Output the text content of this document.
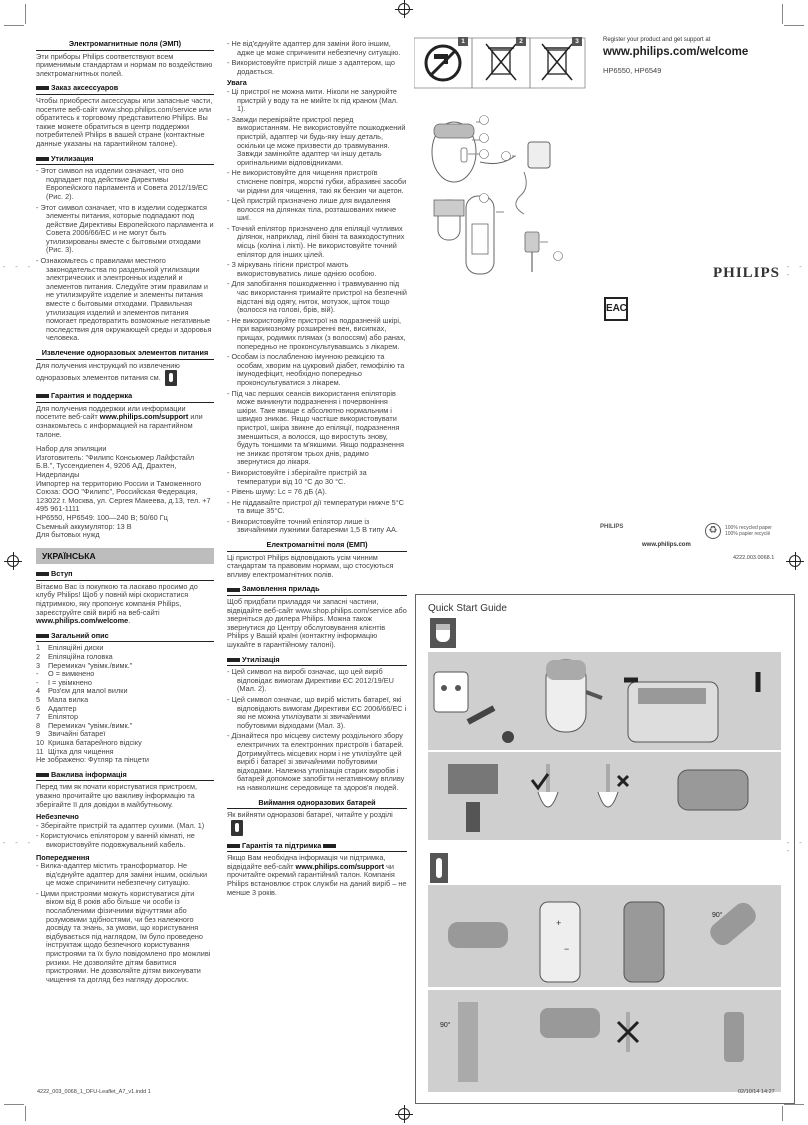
- - -	- - -
- - -	- - -
Электромагнитные поля (ЭМП)
Эти приборы Philips соответствуют всем применимым стандартам и нормам по воздействию электромагнитных полей.
Заказ аксессуаров
Чтобы приобрести аксессуары или запасные части, посетите веб-сайт www.shop.philips.com/service или обратитесь к торговому представителю Philips. Вы также можете обратиться в центр поддержки потребителей Philips в вашей стране (контактные данные указаны на гарантийном талоне).
Утилизация
- Этот символ на изделии означает, что оно подпадает под действие Директивы Европейского парламента и Совета 2012/19/EC (Рис. 2).
- Этот символ означает, что в изделии содержатся элементы питания, которые подпадают под действие Директивы Европейского парламента и Совета 2006/66/EC и не могут быть утилизированы вместе с бытовыми отходами (Рис. 3).
- Ознакомьтесь с правилами местного законодательства по раздельной утилизации электрических и электронных изделий и элементов питания. Следуйте этим правилам и не утилизируйте изделие и элементы питания вместе с бытовыми отходами. Правильная утилизация изделий и элементов питания помогает предотвратить возможные негативные последствия для окружающей среды и здоровья человека.
Извлечение одноразовых элементов питания
Для получения инструкций по извлечению одноразовых элементов питания см.
Гарантия и поддержка
Для получения поддержки или информации посетите веб-сайт www.philips.com/support или ознакомьтесь с информацией на гарантийном талоне.
Набор для эпиляции
Изготовитель: "Филипс Консьюмер Лайфстайл Б.В.", Туссендиепен 4, 9206 АД, Драхтен, Нидерланды
Импортер на территорию России и Таможенного Союза: ООО "Филипс", Российская Федерация, 123022 г. Москва, ул. Сергея Макеева, д.13, тел. +7 495 961-1111
HP6550, HP6549: 100—240 В; 50/60 Гц
Съемный аккумулятор: 13 В
Для бытовых нужд
УКРАЇНСЬКА
Вступ
Вітаємо Вас із покупкою та ласкаво просимо до клубу Philips! Щоб у повній мірі скористатися підтримкою, яку пропонує компанія Philips, зареєструйте свій виріб на веб-сайті www.philips.com/welcome.
Загальний опис
1	Епіляційні диски
2	Епіляційна головка
3	Перемикач "увімк./вимк."
-	O = вимкнено
-	I = увімкнено
4	Роз'єм для малої вилки
5	Мала вилка
6	Адаптер
7	Епілятор
8	Перемикач "увімк./вимк."
9	Звичайні батареї
10 Кришка батарейного відсіку
11 Щітка для чищення
Не зображено: Футляр та пінцети
Важлива інформація
Перед тим як почати користуватися пристроєм, уважно прочитайте цю важливу інформацію та зберігайте її для довідки в майбутньому.
Небезпечно
- Зберігайте пристрій та адаптер сухими. (Мал. 1)
- Користуючись епілятором у ванній кімнаті, не використовуйте подовжувальний кабель.
Попередження
- Вилка-адаптер містить трансформатор. Не від'єднуйте адаптер для заміни іншим, оскільки це може спричинити небезпечну ситуацію.
- Цими пристроями можуть користуватися діти віком від 8 років або більше чи особи із послабленими фізичними відчуттями або розумовими здібностями, чи без належного досвіду та знань, за умови, що користування відбувається під наглядом, їм було проведено інструктаж щодо безпечного користування пристроями та їх було повідомлено про можливі ризики. Не дозволяйте дітям бавитися пристроями. Не дозволяйте дітям виконувати чищення та догляд без нагляду дорослих.
- Не від'єднуйте адаптер для заміни його іншим, адже це може спричинити небезпечну ситуацію.
- Використовуйте пристрій лише з адаптером, що додається.
Увага
- Ці пристрої не можна мити. Ніколи не занурюйте пристрій у воду та не мийте їх під краном (Мал. 1).
- Завжди перевіряйте пристрої перед використанням. Не використовуйте пошкоджений пристрій, адаптер чи будь-яку іншу деталь, оскільки це може призвести до травмування. Завжди замінюйте адаптер чи іншу деталь оригінальними відповідниками.
- Не використовуйте для чищення пристроїв стиснене повітря, жорсткі губки, абразивні засоби чи рідини для чищення, такі як бензин чи ацетон.
- Цей пристрій призначено лише для видалення волосся на ділянках тіла, розташованих нижче шиї.
- Точний епілятор призначено для епіляції чутливих ділянок, наприклад, лінії бікіні та важкодоступних місць (коліна і лікті). Не використовуйте точний епілятор для інших цілей.
- З міркувань гігієни пристрої мають використовуватись лише однією особою.
- Для запобігання пошкодженню і травмуванню під час використання тримайте пристрої на безпечній відстані від одягу, ниток, мотузок, щіток тощо (волосся на голові, брів, вій).
- Не використовуйте пристрої на подразненій шкірі, при варикозному розширенні вен, висипках, прищах, родимих плямах (з волоссям) або ранах, попередньо не проконсультувавшись з лікарем.
- Особам із послабленою імунною реакцією та особам, хворим на цукровий діабет, гемофілію та імунодефіцит, необхідно попередньо проконсультуватися з лікарем.
- Під час перших сеансів використання епіляторів може виникнути подразнення і почервоніння шкіри. Таке явище є абсолютно нормальним і швидко зникає. Якщо частіше використовувати пристрої, шкіра звикне до епіляції, подразнення зменшиться, а волосся, що виростуть знову, будуть тоншими та м'якшими. Якщо подразнення не зникає протягом трьох днів, радимо звернутися до лікаря.
- Використовуйте і зберігайте пристрій за температури від 10 °C до 30 °C.
- Рівень шуму: Lc = 76 дБ (A).
- Не піддавайте пристрої дії температури нижче 5°C та вище 35°C.
- Використовуйте точний епілятор лише із звичайними лужними батареями 1,5 В типу AA.
Електромагнітні поля (ЕМП)
Ці пристрої Philips відповідають усім чинним стандартам та правовим нормам, що стосуються впливу електромагнітних полів.
Замовлення приладь
Щоб придбати приладдя чи запасні частини, відвідайте веб-сайт www.shop.philips.com/service або зверніться до дилера Philips. Можна також звернутися до Центру обслуговування клієнтів Philips у Вашій країні (контактну інформацію шукайте в гарантійному талоні).
Утилізація
- Цей символ на виробі означає, що цей виріб відповідає вимогам Директиви ЄС 2012/19/EU (Мал. 2).
- Цей символ означає, що виріб містить батареї, які відповідають вимогам Директиви ЄС 2006/66/ЕС і які не можна утилізувати зі звичайними побутовими відходами (Мал. 3).
- Дізнайтеся про місцеву систему роздільного збору електричних та електронних пристроїв і батарей. Дотримуйтесь місцевих норм і не утилізуйте цей виріб і батареї зі звичайними побутовими відходами. Належна утилізація старих виробів і батарей допоможе запобігти негативному впливу на навколишнє середовище та здоров'я людей.
Виймання одноразових батарей
Як вийняти одноразові батареї, читайте у розділі
Гарантія та підтримка
Якщо Вам необхідна інформація чи підтримка, відвідайте веб-сайт www.philips.com/support чи прочитайте окремий гарантійний талон. Компанія Philips встановлює строк служби на даний виріб – не менше 3 років.
1	2	3	Register your product and get support at
www.philips.com/welcome
HP6550, HP6549
PHILIPS
ЕАС
PHILIPS
www.philips.com
♻	100% recycled paper
100% papier recyclé
4222.003.0068.1
Quick Start Guide
90°
90°
+
−
4222_003_0068_1_DFU-Leaflet_A7_v1.indd 1	02/10/14 14:27
